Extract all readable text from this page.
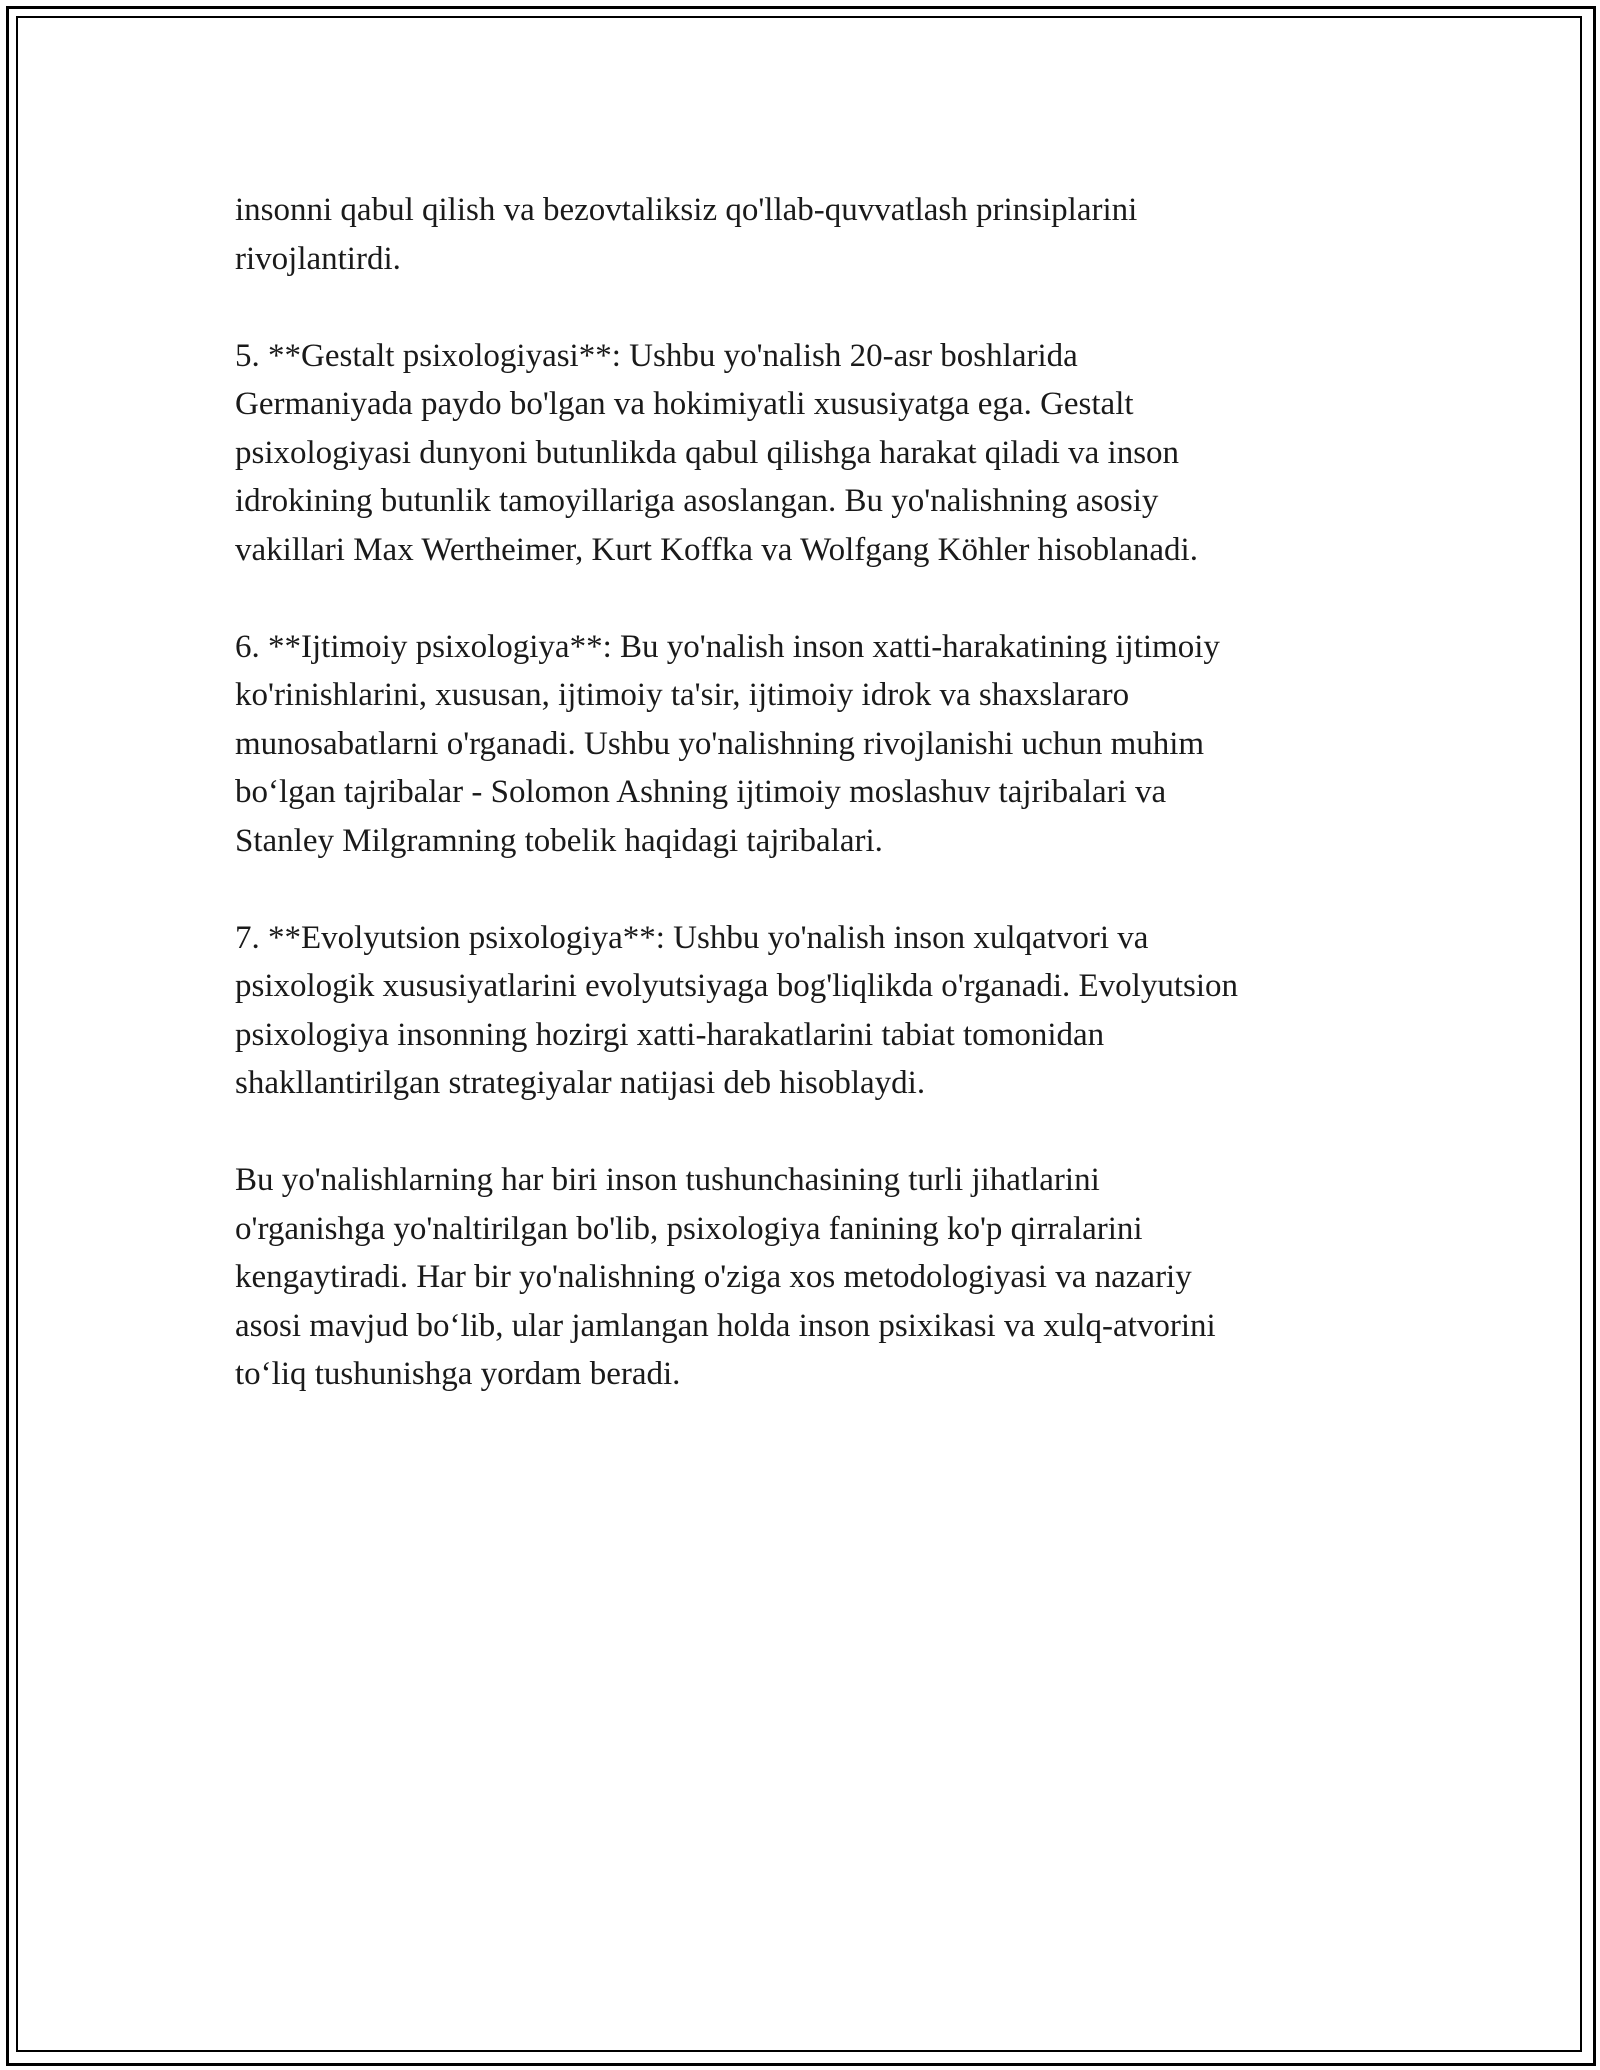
insonni qabul qilish va bezovtaliksiz qo'llab-quvvatlash prinsiplarini
rivojlantirdi.

5. **Gestalt psixologiyasi**: Ushbu yo'nalish 20-asr boshlarida
Germaniyada paydo bo'lgan va hokimiyatli xususiyatga ega. Gestalt
psixologiyasi dunyoni butunlikda qabul qilishga harakat qiladi va inson
idrokining butunlik tamoyillariga asoslangan. Bu yo'nalishning asosiy
vakillari Max Wertheimer, Kurt Koffka va Wolfgang Köhler hisoblanadi.

6. **Ijtimoiy psixologiya**: Bu yo'nalish inson xatti-harakatining ijtimoiy
ko'rinishlarini, xususan, ijtimoiy ta'sir, ijtimoiy idrok va shaxslararo
munosabatlarni o'rganadi. Ushbu yo'nalishning rivojlanishi uchun muhim
bo‘lgan tajribalar - Solomon Ashning ijtimoiy moslashuv tajribalari va
Stanley Milgramning tobelik haqidagi tajribalari.

7. **Evolyutsion psixologiya**: Ushbu yo'nalish inson xulqatvori va
psixologik xususiyatlarini evolyutsiyaga bog'liqlikda o'rganadi. Evolyutsion
psixologiya insonning hozirgi xatti-harakatlarini tabiat tomonidan
shakllantirilgan strategiyalar natijasi deb hisoblaydi.

Bu yo'nalishlarning har biri inson tushunchasining turli jihatlarini
o'rganishga yo'naltirilgan bo'lib, psixologiya fanining ko'p qirralarini
kengaytiradi. Har bir yo'nalishning o'ziga xos metodologiyasi va nazariy
asosi mavjud bo‘lib, ular jamlangan holda inson psixikasi va xulq-atvorini
to‘liq tushunishga yordam beradi.
